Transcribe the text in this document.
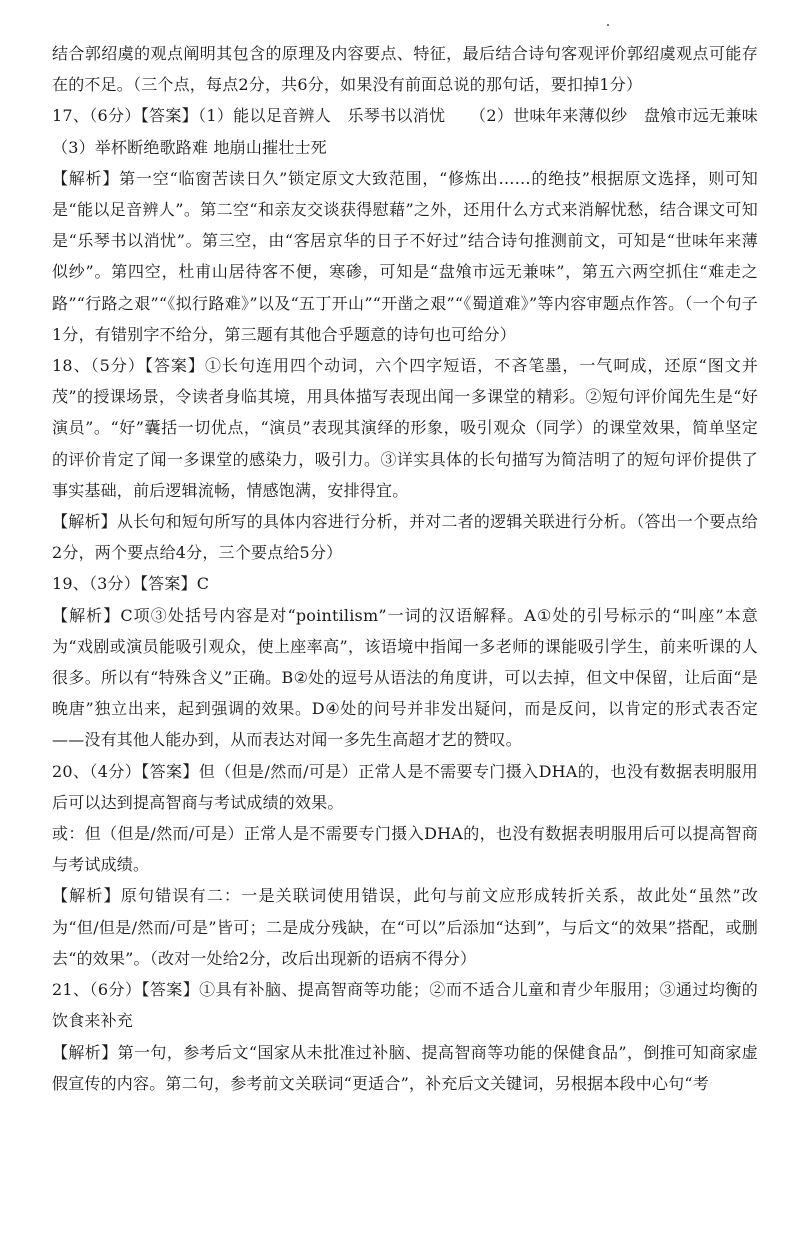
结合郭绍虞的观点阐明其包含的原理及内容要点、特征，最后结合诗句客观评价郭绍虞观点可能存在的不足。（三个点，每点2分，共6分，如果没有前面总说的那句话，要扣掉1分）

17、（6分）【答案】（1）能以足音辨人　乐琴书以消忧　　（2）世味年来薄似纱　盘飧市远无兼味　　（3）举杯断绝歌路难 地崩山摧壮士死

【解析】第一空“临窗苦读日久”锁定原文大致范围，“修炼出……的绝技”根据原文选择，则可知是“能以足音辨人”。第二空“和亲友交谈获得慰藉”之外，还用什么方式来消解忧愁，结合课文可知是“乐琴书以消忧”。第三空，由“客居京华的日子不好过”结合诗句推测前文，可知是“世味年来薄似纱”。第四空，杜甫山居待客不便，寒碜，可知是“盘飧市远无兼味”，第五六两空抓住“难走之路”“行路之艰”“《拟行路难》”以及“五丁开山”“开凿之艰”“《蜀道难》”等内容审题点作答。（一个句子1分，有错别字不给分，第三题有其他合乎题意的诗句也可给分）

18、（5分）【答案】①长句连用四个动词，六个四字短语，不吝笔墨，一气呵成，还原“图文并茂”的授课场景，令读者身临其境，用具体描写表现出闻一多课堂的精彩。②短句评价闻先生是“好演员”。“好”囊括一切优点，“演员”表现其演绎的形象，吸引观众（同学）的课堂效果，简单坚定的评价肯定了闻一多课堂的感染力，吸引力。③详实具体的长句描写为简洁明了的短句评价提供了事实基础，前后逻辑流畅，情感饱满，安排得宜。

【解析】从长句和短句所写的具体内容进行分析，并对二者的逻辑关联进行分析。（答出一个要点给2分，两个要点给4分，三个要点给5分）

19、（3分）【答案】C

【解析】C项③处括号内容是对“pointilism”一词的汉语解释。A①处的引号标示的“叫座”本意为“戏剧或演员能吸引观众，使上座率高”，该语境中指闻一多老师的课能吸引学生，前来听课的人很多。所以有“特殊含义”正确。B②处的逗号从语法的角度讲，可以去掉，但文中保留，让后面“是晚唐”独立出来，起到强调的效果。D④处的问号并非发出疑问，而是反问，以肯定的形式表否定——没有其他人能办到，从而表达对闻一多先生高超才艺的赞叹。

20、（4分）【答案】但（但是/然而/可是）正常人是不需要专门摄入DHA的，也没有数据表明服用后可以达到提高智商与考试成绩的效果。

或：但（但是/然而/可是）正常人是不需要专门摄入DHA的，也没有数据表明服用后可以提高智商与考试成绩。

【解析】原句错误有二：一是关联词使用错误，此句与前文应形成转折关系，故此处“虽然”改为“但/但是/然而/可是”皆可；二是成分残缺，在“可以”后添加“达到”，与后文“的效果”搭配，或删去“的效果”。（改对一处给2分，改后出现新的语病不得分）

21、（6分）【答案】①具有补脑、提高智商等功能；②而不适合儿童和青少年服用；③通过均衡的饮食来补充

【解析】第一句，参考后文“国家从未批准过补脑、提高智商等功能的保健食品”，倒推可知商家虚假宣传的内容。第二句，参考前文关联词“更适合”，补充后文关键词，另根据本段中心句“考
